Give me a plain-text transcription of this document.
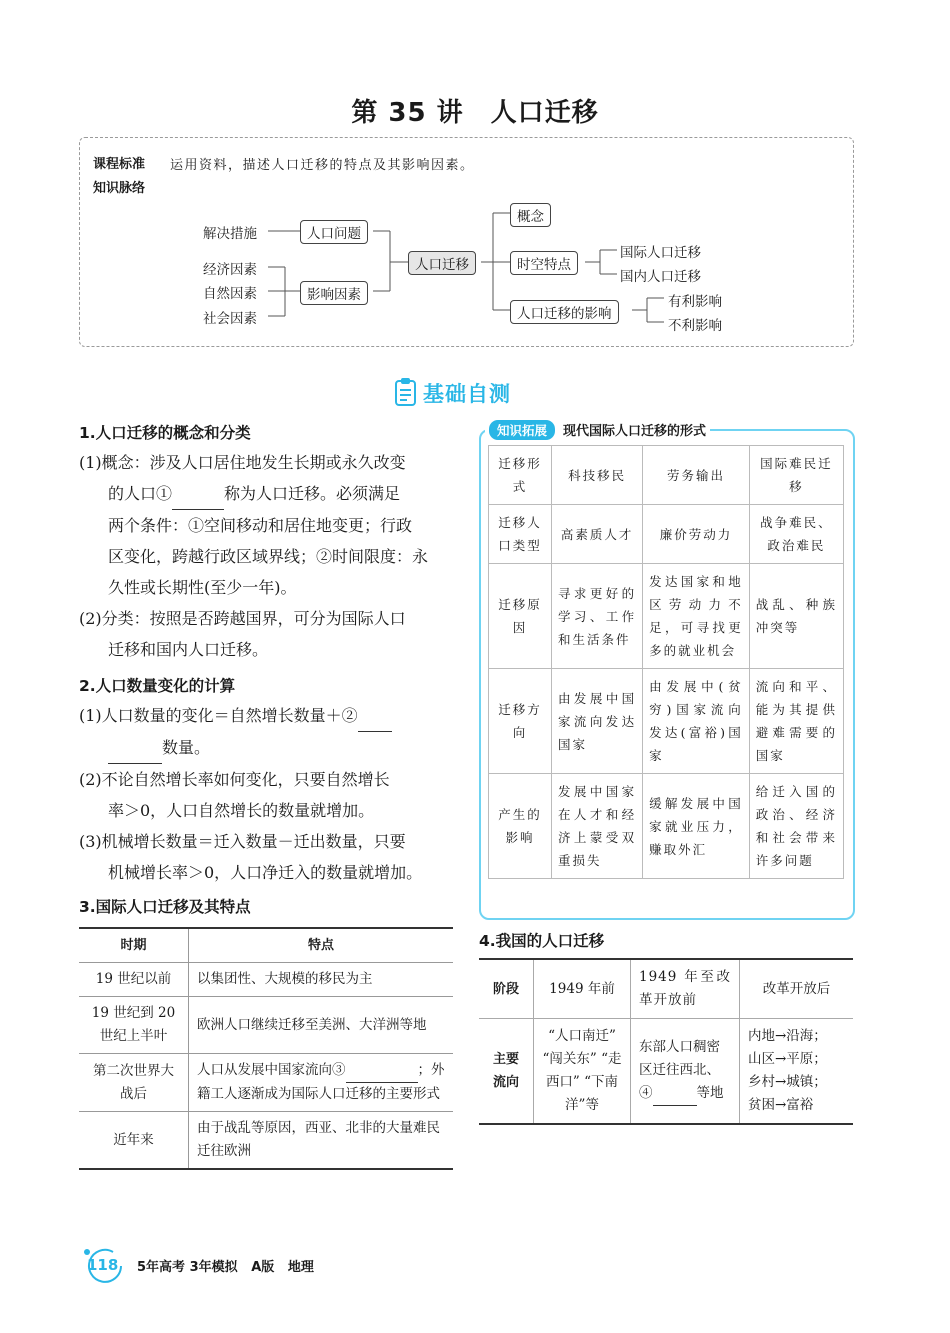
第 35 讲　人口迁移
课程标准 运用资料，描述人口迁移的特点及其影响因素。
知识脉络
解决措施
经济因素
自然因素
社会因素
人口问题
影响因素
人口迁移
概念
时空特点
人口迁移的影响
国际人口迁移
国内人口迁移
有利影响
不利影响
基础自测
1.人口迁移的概念和分类
(1)概念：涉及人口居住地发生长期或永久改变
的人口①	称为人口迁移。必须满足
两个条件：①空间移动和居住地变更；行政
区变化，跨越行政区域界线；②时间限度：永
久性或长期性(至少一年)。
(2)分类：按照是否跨越国界，可分为国际人口
迁移和国内人口迁移。
2.人口数量变化的计算
(1)人口数量的变化＝自然增长数量＋②
数量。
(2)不论自然增长率如何变化，只要自然增长
率＞0，人口自然增长的数量就增加。
(3)机械增长数量＝迁入数量－迁出数量，只要
机械增长率＞0，人口净迁入的数量就增加。
3.国际人口迁移及其特点
时期	特点
19 世纪以前	以集团性、大规模的移民为主
19 世纪到 20 世纪上半叶	欧洲人口继续迁移至美洲、大洋洲等地
第二次世界大战后	人口从发展中国家流向③ ；外籍工人逐渐成为国际人口迁移的主要形式
近年来	由于战乱等原因，西亚、北非的大量难民迁往欧洲
知识拓展 现代国际人口迁移的形式
迁移形式	科技移民	劳务输出	国际难民迁移
迁移人口类型	高素质人才	廉价劳动力	战争难民、政治难民
迁移原因	寻求更好的学习、工作和生活条件	发达国家和地区劳动力不足，可寻找更多的就业机会	战乱、种族冲突等
迁移方向	由发展中国家流向发达国家	由发展中(贫穷)国家流向发达(富裕)国家	流向和平、能为其提供避难需要的国家
产生的影响	发展中国家在人才和经济上蒙受双重损失	缓解发展中国家就业压力，赚取外汇	给迁入国的政治、经济和社会带来许多问题
4.我国的人口迁移
阶段	1949 年前	1949 年至改革开放前	改革开放后
主要流向	“人口南迁” “闯关东” “走西口” “下南洋”等	东部人口稠密区迁往西北、④ 等地	内地→沿海；
山区→平原；
乡村→城镇；
贫困→富裕
118 5年高考 3年模拟 A版 地理
